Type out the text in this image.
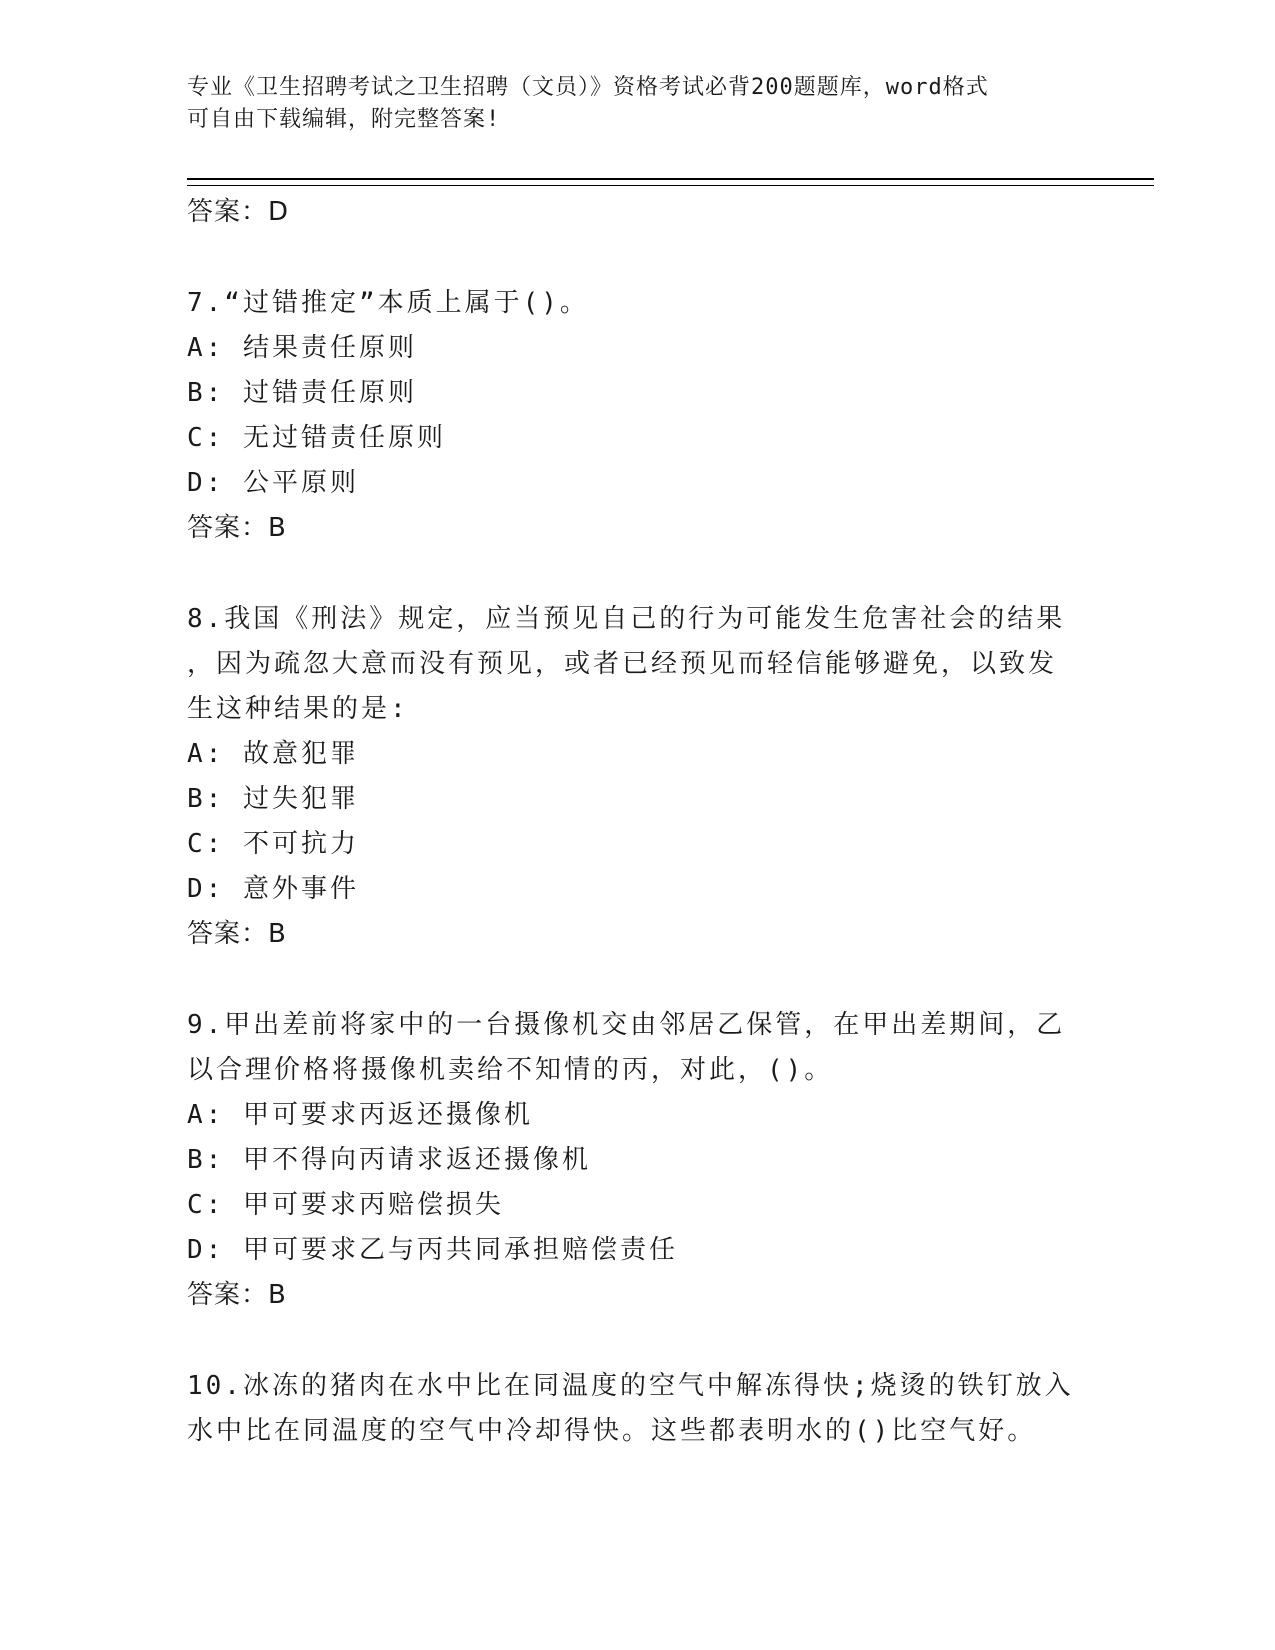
专业《卫生招聘考试之卫生招聘（文员）》资格考试必背200题题库，word格式
可自由下载编辑，附完整答案!
答案：D
7.“过错推定”本质上属于()。
A: 结果责任原则
B: 过错责任原则
C: 无过错责任原则
D: 公平原则
答案：B
8.我国《刑法》规定，应当预见自己的行为可能发生危害社会的结果
，因为疏忽大意而没有预见，或者已经预见而轻信能够避免，以致发
生这种结果的是:
A: 故意犯罪
B: 过失犯罪
C: 不可抗力
D: 意外事件
答案：B
9.甲出差前将家中的一台摄像机交由邻居乙保管，在甲出差期间，乙
以合理价格将摄像机卖给不知情的丙，对此，()。
A: 甲可要求丙返还摄像机
B: 甲不得向丙请求返还摄像机
C: 甲可要求丙赔偿损失
D: 甲可要求乙与丙共同承担赔偿责任
答案：B
10.冰冻的猪肉在水中比在同温度的空气中解冻得快;烧烫的铁钉放入
水中比在同温度的空气中冷却得快。这些都表明水的()比空气好。
